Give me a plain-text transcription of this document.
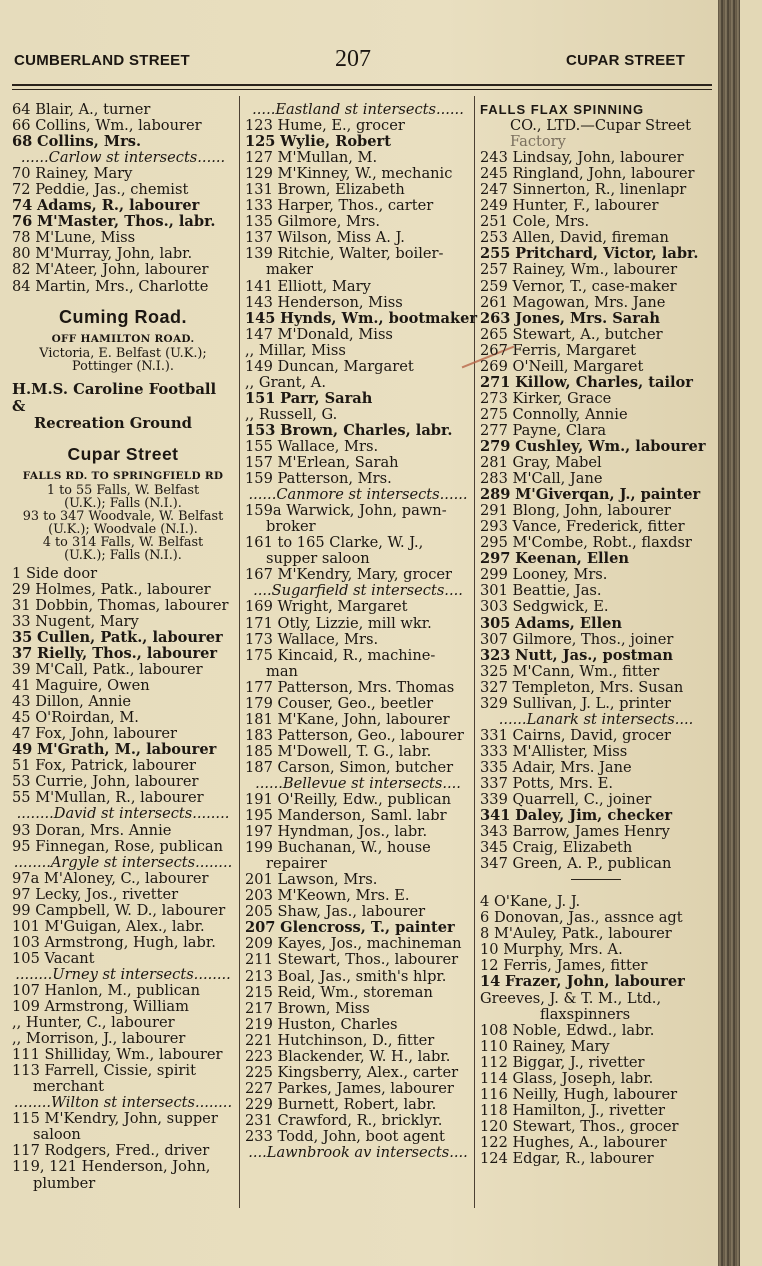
CUMBERLAND STREET	207	CUPAR STREET
64 Blair, A., turner
66 Collins, Wm., labourer
68 Collins, Mrs.
......Carlow st intersects......
70 Rainey, Mary
72 Peddie, Jas., chemist
74 Adams, R., labourer
76 M'Master, Thos., labr.
78 M'Lune, Miss
80 M'Murray, John, labr.
82 M'Ateer, John, labourer
84 Martin, Mrs., Charlotte
Cuming Road.
OFF HAMILTON ROAD.
Victoria, E. Belfast (U.K.);
Pottinger (N.I.).
H.M.S. Caroline Football &
Recreation Ground
Cupar Street
FALLS RD. TO SPRINGFIELD RD
1 to 55 Falls, W. Belfast
(U.K.); Falls (N.I.).
93 to 347 Woodvale, W. Belfast
(U.K.); Woodvale (N.I.).
4 to 314 Falls, W. Belfast
(U.K.); Falls (N.I.).
1 Side door
29 Holmes, Patk., labourer
31 Dobbin, Thomas, labourer
33 Nugent, Mary
35 Cullen, Patk., labourer
37 Rielly, Thos., labourer
39 M'Call, Patk., labourer
41 Maguire, Owen
43 Dillon, Annie
45 O'Roirdan, M.
47 Fox, John, labourer
49 M'Grath, M., labourer
51 Fox, Patrick, labourer
53 Currie, John, labourer
55 M'Mullan, R., labourer
........David st intersects........
93 Doran, Mrs. Annie
95 Finnegan, Rose, publican
........Argyle st intersects........
97a M'Aloney, C., labourer
97 Lecky, Jos., rivetter
99 Campbell, W. D., labourer
101 M'Guigan, Alex., labr.
103 Armstrong, Hugh, labr.
105 Vacant
........Urney st intersects........
107 Hanlon, M., publican
109 Armstrong, William
,, Hunter, C., labourer
,, Morrison, J., labourer
111 Shilliday, Wm., labourer
113 Farrell, Cissie, spirit
merchant
........Wilton st intersects........
115 M'Kendry, John, supper
saloon
117 Rodgers, Fred., driver
119, 121 Henderson, John,
plumber
.....Eastland st intersects......
123 Hume, E., grocer
125 Wylie, Robert
127 M'Mullan, M.
129 M'Kinney, W., mechanic
131 Brown, Elizabeth
133 Harper, Thos., carter
135 Gilmore, Mrs.
137 Wilson, Miss A. J.
139 Ritchie, Walter, boiler-
maker
141 Elliott, Mary
143 Henderson, Miss
145 Hynds, Wm., bootmaker
147 M'Donald, Miss
,, Millar, Miss
149 Duncan, Margaret
,, Grant, A.
151 Parr, Sarah
,, Russell, G.
153 Brown, Charles, labr.
155 Wallace, Mrs.
157 M'Erlean, Sarah
159 Patterson, Mrs.
......Canmore st intersects......
159a Warwick, John, pawn-
broker
161 to 165 Clarke, W. J.,
supper saloon
167 M'Kendry, Mary, grocer
....Sugarfield st intersects....
169 Wright, Margaret
171 Otly, Lizzie, mill wkr.
173 Wallace, Mrs.
175 Kincaid, R., machine-
man
177 Patterson, Mrs. Thomas
179 Couser, Geo., beetler
181 M'Kane, John, labourer
183 Patterson, Geo., labourer
185 M'Dowell, T. G., labr.
187 Carson, Simon, butcher
......Bellevue st intersects....
191 O'Reilly, Edw., publican
195 Manderson, Saml. labr
197 Hyndman, Jos., labr.
199 Buchanan, W., house
repairer
201 Lawson, Mrs.
203 M'Keown, Mrs. E.
205 Shaw, Jas., labourer
207 Glencross, T., painter
209 Kayes, Jos., machineman
211 Stewart, Thos., labourer
213 Boal, Jas., smith's hlpr.
215 Reid, Wm., storeman
217 Brown, Miss
219 Huston, Charles
221 Hutchinson, D., fitter
223 Blackender, W. H., labr.
225 Kingsberry, Alex., carter
227 Parkes, James, labourer
229 Burnett, Robert, labr.
231 Crawford, R., bricklyr.
233 Todd, John, boot agent
....Lawnbrook av intersects....
FALLS FLAX SPINNING
CO., LTD.—Cupar Street
Factory
243 Lindsay, John, labourer
245 Ringland, John, labourer
247 Sinnerton, R., linenlapr
249 Hunter, F., labourer
251 Cole, Mrs.
253 Allen, David, fireman
255 Pritchard, Victor, labr.
257 Rainey, Wm., labourer
259 Vernor, T., case-maker
261 Magowan, Mrs. Jane
263 Jones, Mrs. Sarah
265 Stewart, A., butcher
267 Ferris, Margaret
269 O'Neill, Margaret
271 Killow, Charles, tailor
273 Kirker, Grace
275 Connolly, Annie
277 Payne, Clara
279 Cushley, Wm., labourer
281 Gray, Mabel
283 M'Call, Jane
289 M'Giverqan, J., painter
291 Blong, John, labourer
293 Vance, Frederick, fitter
295 M'Combe, Robt., flaxdsr
297 Keenan, Ellen
299 Looney, Mrs.
301 Beattie, Jas.
303 Sedgwick, E.
305 Adams, Ellen
307 Gilmore, Thos., joiner
323 Nutt, Jas., postman
325 M'Cann, Wm., fitter
327 Templeton, Mrs. Susan
329 Sullivan, J. L., printer
......Lanark st intersects....
331 Cairns, David, grocer
333 M'Allister, Miss
335 Adair, Mrs. Jane
337 Potts, Mrs. E.
339 Quarrell, C., joiner
341 Daley, Jim, checker
343 Barrow, James Henry
345 Craig, Elizabeth
347 Green, A. P., publican
4 O'Kane, J. J.
6 Donovan, Jas., assnce agt
8 M'Auley, Patk., labourer
10 Murphy, Mrs. A.
12 Ferris, James, fitter
14 Frazer, John, labourer
Greeves, J. & T. M., Ltd.,
flaxspinners
108 Noble, Edwd., labr.
110 Rainey, Mary
112 Biggar, J., rivetter
114 Glass, Joseph, labr.
116 Neilly, Hugh, labourer
118 Hamilton, J., rivetter
120 Stewart, Thos., grocer
122 Hughes, A., labourer
124 Edgar, R., labourer
